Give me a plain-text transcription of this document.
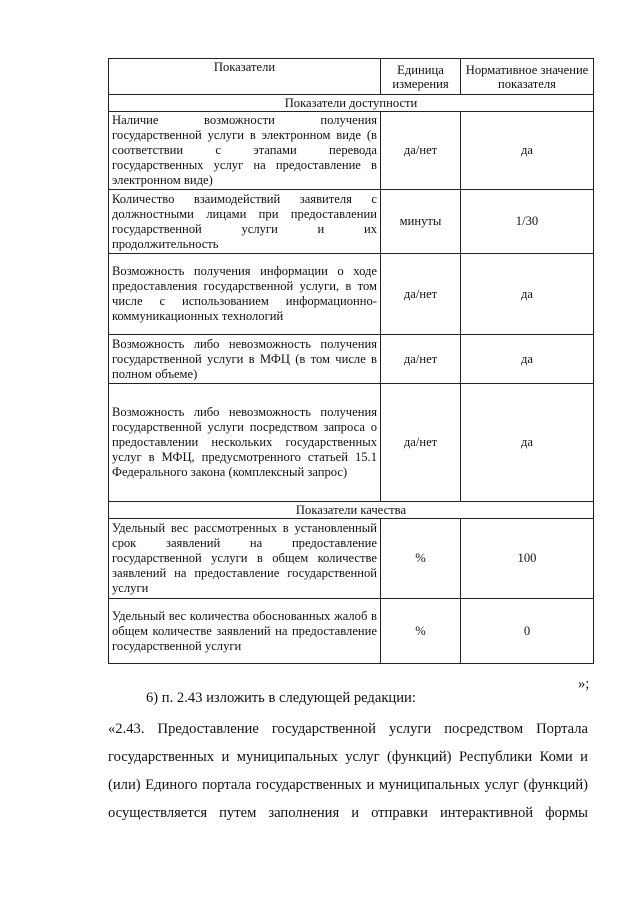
Показатели	Единица измерения	Нормативное значение показателя
Показатели доступности		
Наличие возможности получения государственной услуги в электронном виде (в соответствии с этапами перевода государственных услуг на предоставление в электронном виде)	да/нет	да
Количество взаимодействий заявителя с должностными лицами при предоставлении государственной услуги и их продолжительность	минуты	1/30
Возможность получения информации о ходе предоставления государственной услуги, в том числе с использованием информационно-коммуникационных технологий	да/нет	да
Возможность либо невозможность получения государственной услуги в МФЦ (в том числе в полном объеме)	да/нет	да
Возможность либо невозможность получения государственной услуги посредством запроса о предоставлении нескольких государственных услуг в МФЦ, предусмотренного статьей 15.1 Федерального закона (комплексный запрос)	да/нет	да
Показатели качества		
Удельный вес рассмотренных в установленный срок заявлений на предоставление государственной услуги в общем количестве заявлений на предоставление государственной услуги	%	100
Удельный вес количества обоснованных жалоб в общем количестве заявлений на предоставление государственной услуги	%	0
»;
6) п. 2.43 изложить в следующей редакции:
«2.43. Предоставление государственной услуги посредством Портала
государственных и муниципальных услуг (функций) Республики Коми и
(или) Единого портала государственных и муниципальных услуг (функций)
осуществляется путем заполнения и отправки интерактивной формы
